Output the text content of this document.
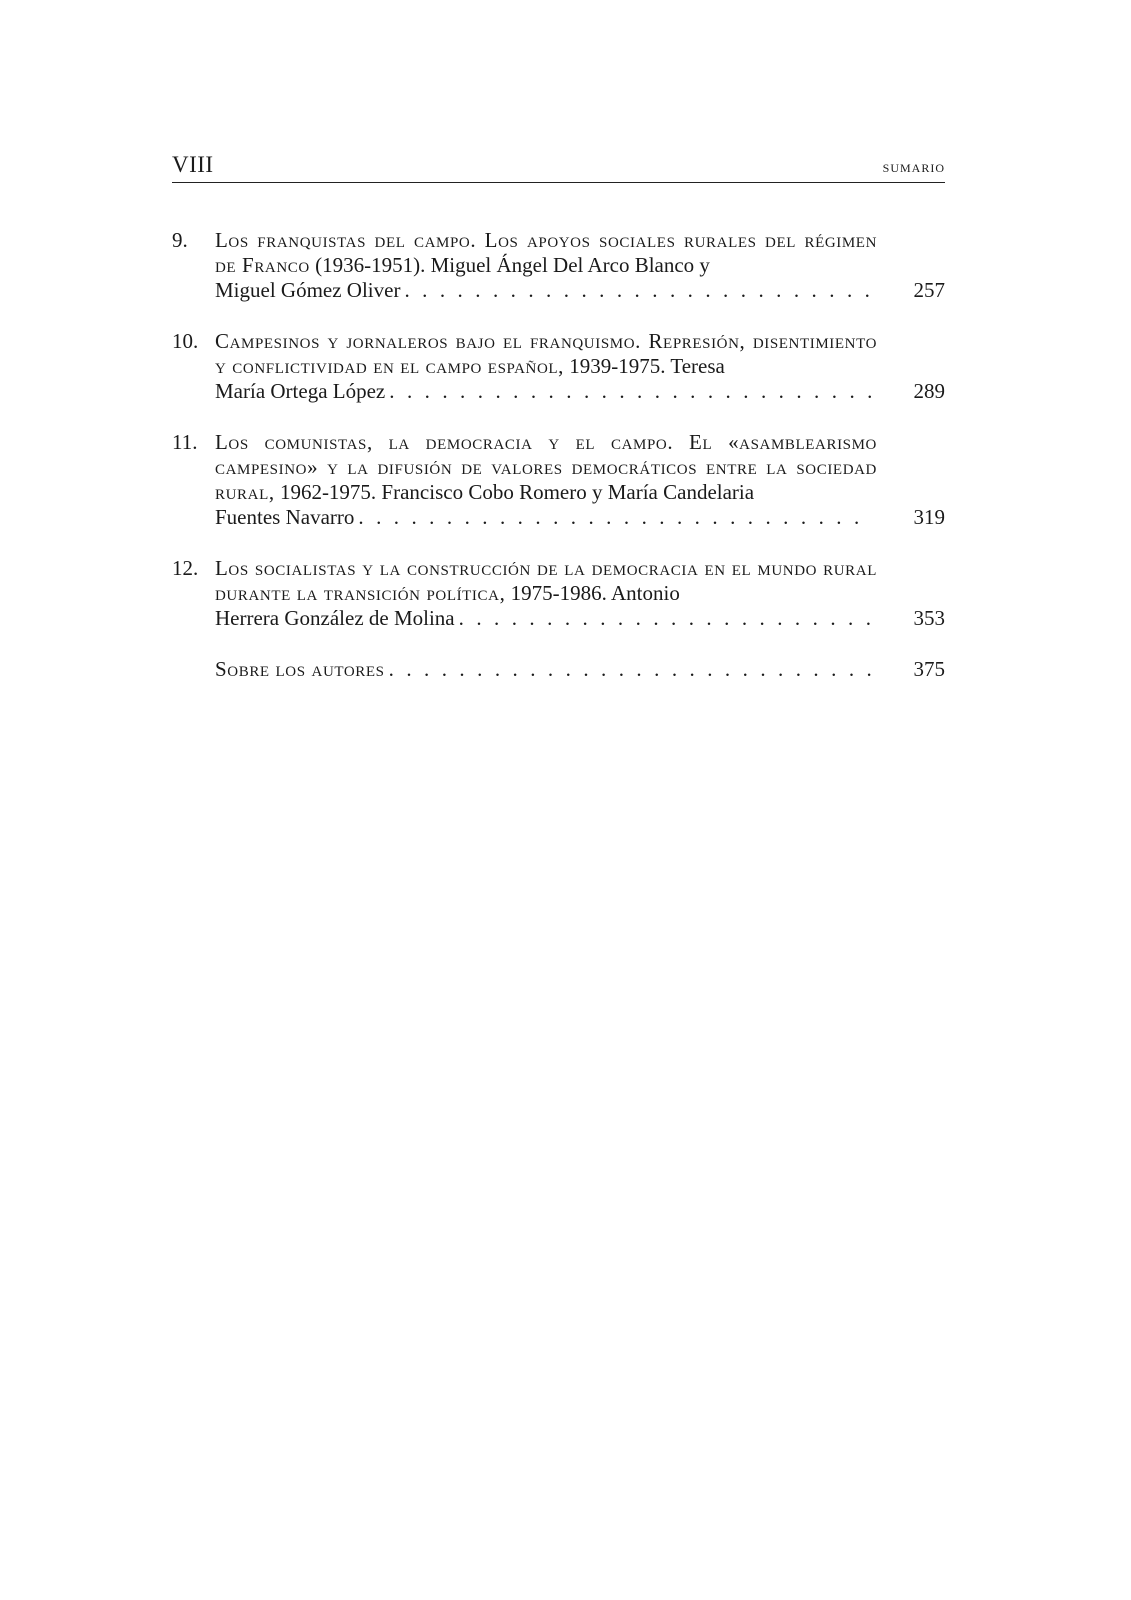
VIII	SUMARIO
9.	Los franquistas del campo. Los apoyos sociales rurales del régimen de Franco (1936-1951). Miguel Ángel Del Arco Blanco y
Miguel Gómez Oliver . . .	257
10. Campesinos y jornaleros bajo el franquismo. Represión, disentimiento y conflictividad en el campo español, 1939-1975. Teresa
María Ortega López . . .	289
11. Los comunistas, la democracia y el campo. El «asamblearismo campesino» y la difusión de valores democráticos entre la sociedad rural, 1962-1975. Francisco Cobo Romero y María Candelaria
Fuentes Navarro . . .	319
12. Los socialistas y la construcción de la democracia en el mundo rural durante la transición política, 1975-1986. Antonio
Herrera González de Molina . . .	353
Sobre los autores . . .	375
